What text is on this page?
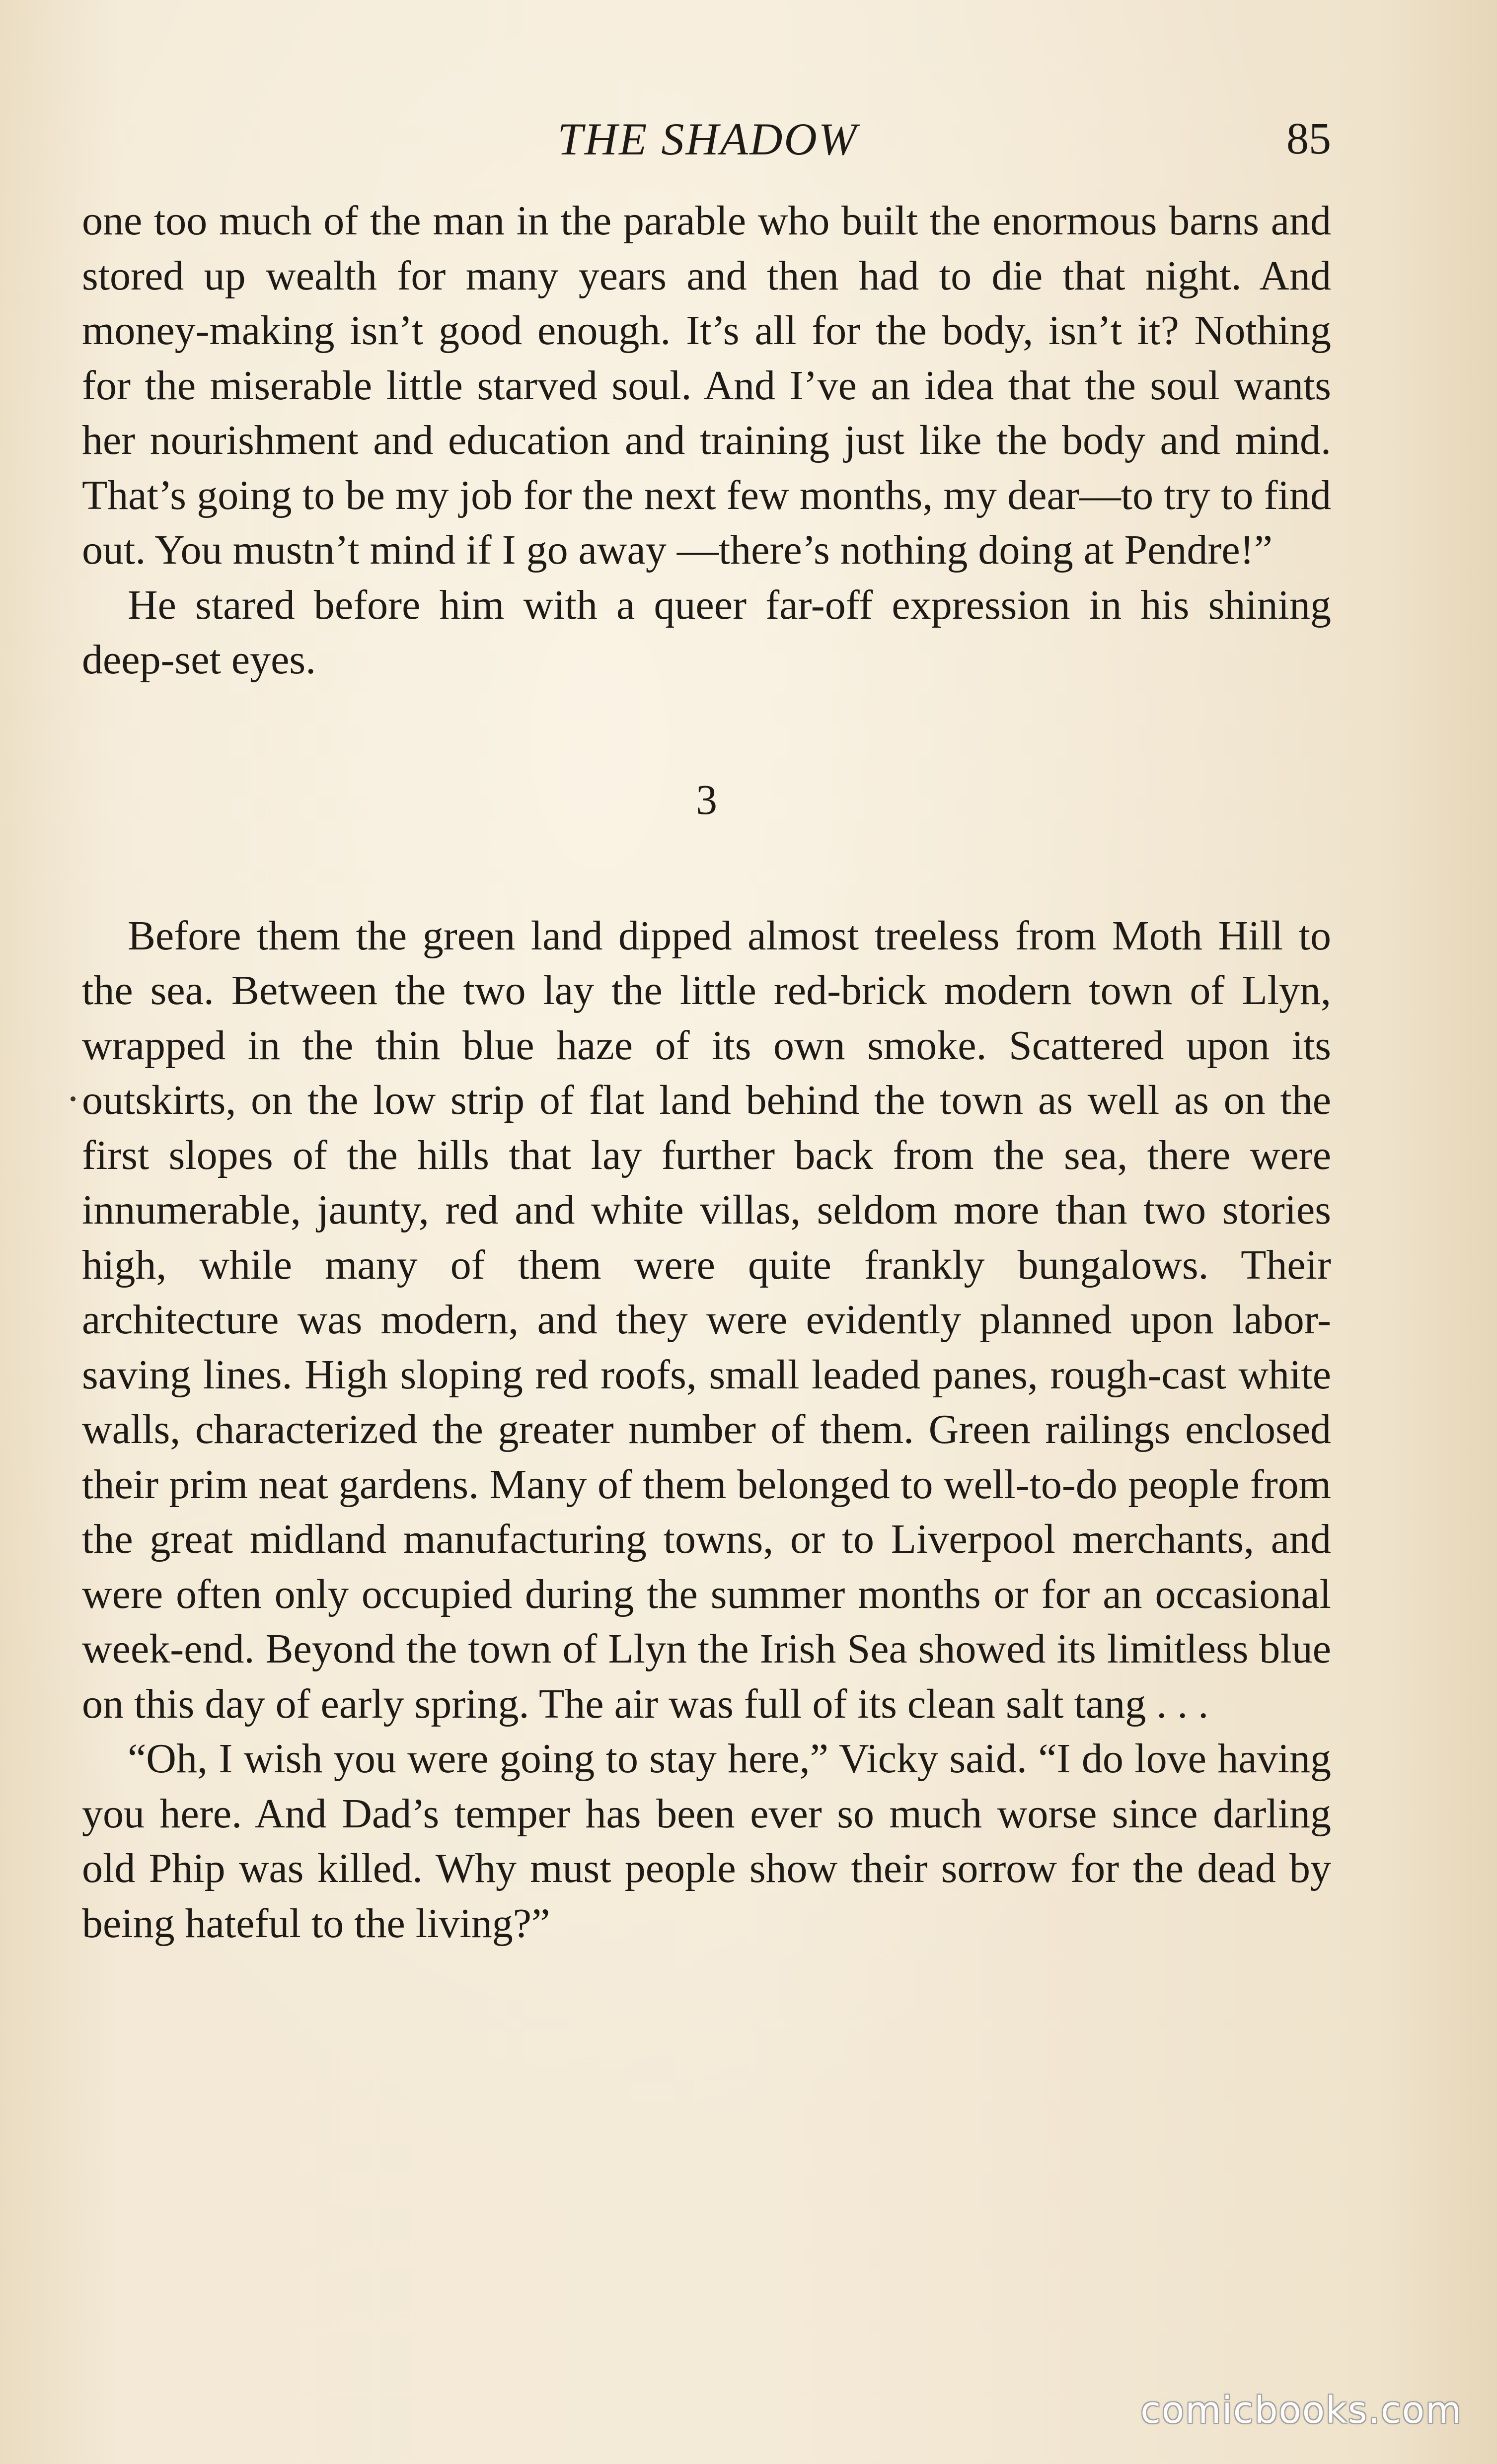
THE SHADOW	85

one too much of the man in the parable who built the enormous barns and stored up wealth for many years and then had to die that night. And money-making isn’t good enough. It’s all for the body, isn’t it? Nothing for the miserable little starved soul. And I’ve an idea that the soul wants her nourishment and education and training just like the body and mind. That’s going to be my job for the next few months, my dear—to try to find out. You mustn’t mind if I go away —there’s nothing doing at Pendre!”

He stared before him with a queer far-off expression in his shining deep-set eyes.

3

Before them the green land dipped almost treeless from Moth Hill to the sea. Between the two lay the little red-brick modern town of Llyn, wrapped in the thin blue haze of its own smoke. Scattered upon its outskirts, on the low strip of flat land behind the town as well as on the first slopes of the hills that lay further back from the sea, there were innumerable, jaunty, red and white villas, seldom more than two stories high, while many of them were quite frankly bungalows. Their architecture was modern, and they were evidently planned upon labor-saving lines. High sloping red roofs, small leaded panes, rough-cast white walls, characterized the greater number of them. Green railings enclosed their prim neat gardens. Many of them belonged to well-to-do people from the great midland manufacturing towns, or to Liverpool merchants, and were often only occupied during the summer months or for an occasional week-end. Beyond the town of Llyn the Irish Sea showed its limitless blue on this day of early spring. The air was full of its clean salt tang . . .

“Oh, I wish you were going to stay here,” Vicky said. “I do love having you here. And Dad’s temper has been ever so much worse since darling old Phip was killed. Why must people show their sorrow for the dead by being hateful to the living?”

comicbooks.com
